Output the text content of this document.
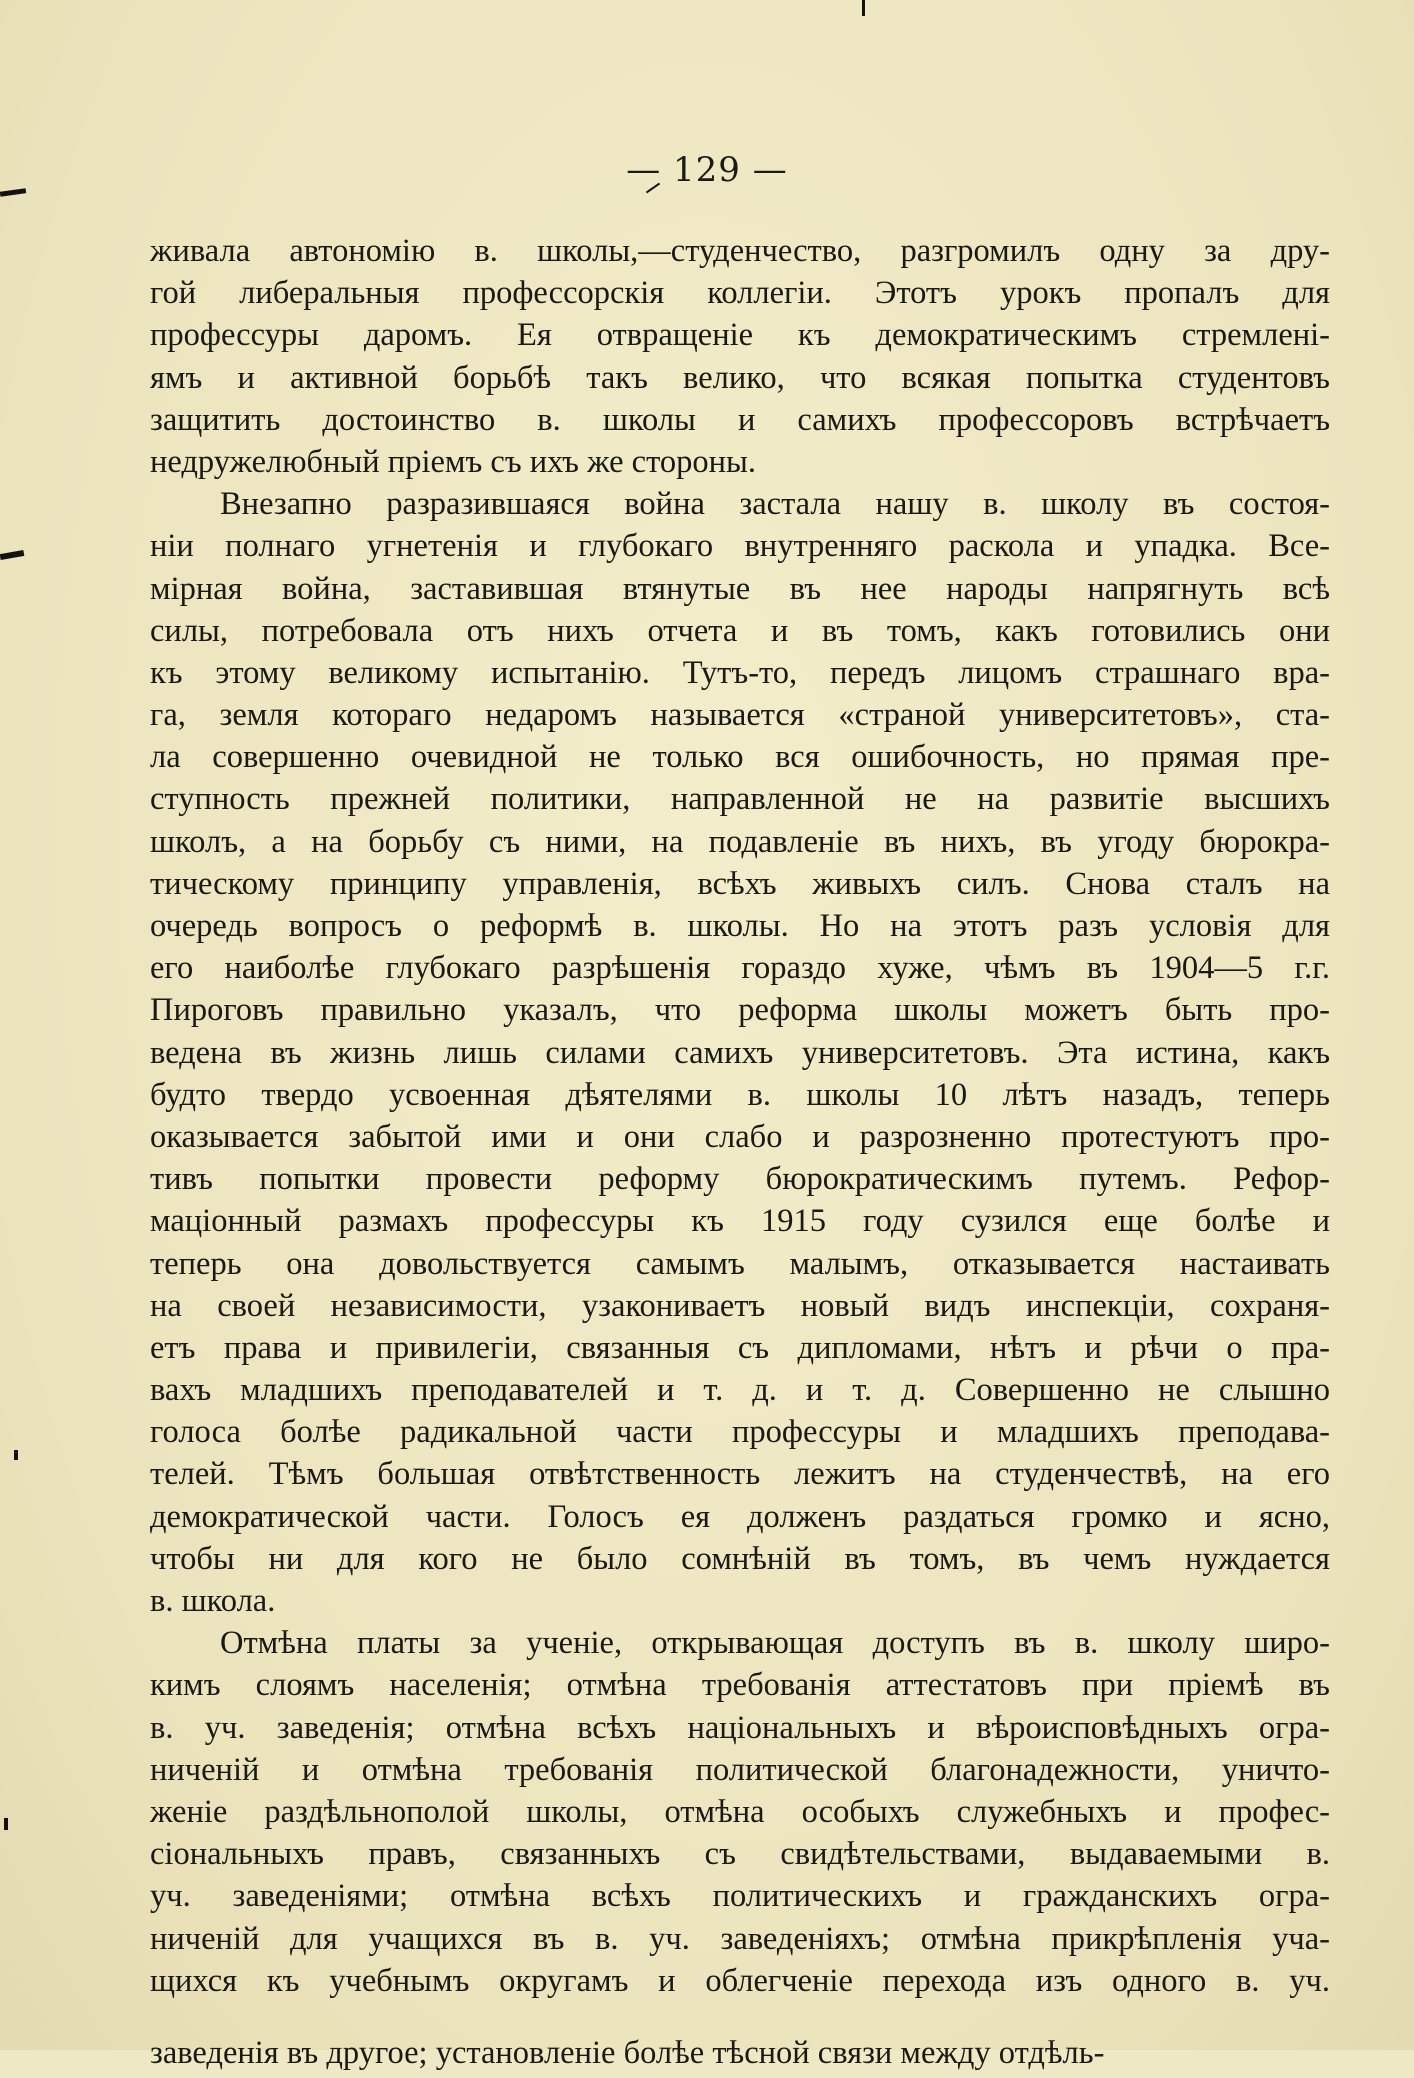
— 129 —
живала автономію в. школы,—студенчество, разгромилъ одну за дру-
гой либеральныя профессорскія коллегіи. Этотъ урокъ пропалъ для
профессуры даромъ. Ея отвращеніе къ демократическимъ стремлені-
ямъ и активной борьбѣ такъ велико, что всякая попытка студентовъ
защитить достоинство в. школы и самихъ профессоровъ встрѣчаетъ
недружелюбный пріемъ съ ихъ же стороны.
Внезапно разразившаяся война застала нашу в. школу въ состоя-
ніи полнаго угнетенія и глубокаго внутренняго раскола и упадка. Все-
мірная война, заставившая втянутые въ нее народы напрягнуть всѣ
силы, потребовала отъ нихъ отчета и въ томъ, какъ готовились они
къ этому великому испытанію. Тутъ-то, передъ лицомъ страшнаго вра-
га, земля котораго недаромъ называется «страной университетовъ», ста-
ла совершенно очевидной не только вся ошибочность, но прямая пре-
ступность прежней политики, направленной не на развитіе высшихъ
школъ, а на борьбу съ ними, на подавленіе въ нихъ, въ угоду бюрокра-
тическому принципу управленія, всѣхъ живыхъ силъ. Снова сталъ на
очередь вопросъ о реформѣ в. школы. Но на этотъ разъ условія для
его наиболѣе глубокаго разрѣшенія гораздо хуже, чѣмъ въ 1904—5 г.г.
Пироговъ правильно указалъ, что реформа школы можетъ быть про-
ведена въ жизнь лишь силами самихъ университетовъ. Эта истина, какъ
будто твердо усвоенная дѣятелями в. школы 10 лѣтъ назадъ, теперь
оказывается забытой ими и они слабо и разрозненно протестуютъ про-
тивъ попытки провести реформу бюрократическимъ путемъ. Рефор-
маціонный размахъ профессуры къ 1915 году сузился еще болѣе и
теперь она довольствуется самымъ малымъ, отказывается настаивать
на своей независимости, узакониваетъ новый видъ инспекціи, сохраня-
етъ права и привилегіи, связанныя съ дипломами, нѣтъ и рѣчи о пра-
вахъ младшихъ преподавателей и т. д. и т. д. Совершенно не слышно
голоса болѣе радикальной части профессуры и младшихъ преподава-
телей. Тѣмъ большая отвѣтственность лежитъ на студенчествѣ, на его
демократической части. Голосъ ея долженъ раздаться громко и ясно,
чтобы ни для кого не было сомнѣній въ томъ, въ чемъ нуждается
в. школа.
Отмѣна платы за ученіе, открывающая доступъ въ в. школу широ-
кимъ слоямъ населенія; отмѣна требованія аттестатовъ при пріемѣ въ
в. уч. заведенія; отмѣна всѣхъ національныхъ и вѣроисповѣдныхъ огра-
ниченій и отмѣна требованія политической благонадежности, уничто-
женіе раздѣльнополой школы, отмѣна особыхъ служебныхъ и профес-
сіональныхъ правъ, связанныхъ съ свидѣтельствами, выдаваемыми в.
уч. заведеніями; отмѣна всѣхъ политическихъ и гражданскихъ огра-
ниченій для учащихся въ в. уч. заведеніяхъ; отмѣна прикрѣпленія уча-
щихся къ учебнымъ округамъ и облегченіе перехода изъ одного в. уч.
заведенія въ другое; установленіе болѣе тѣсной связи между отдѣль-
